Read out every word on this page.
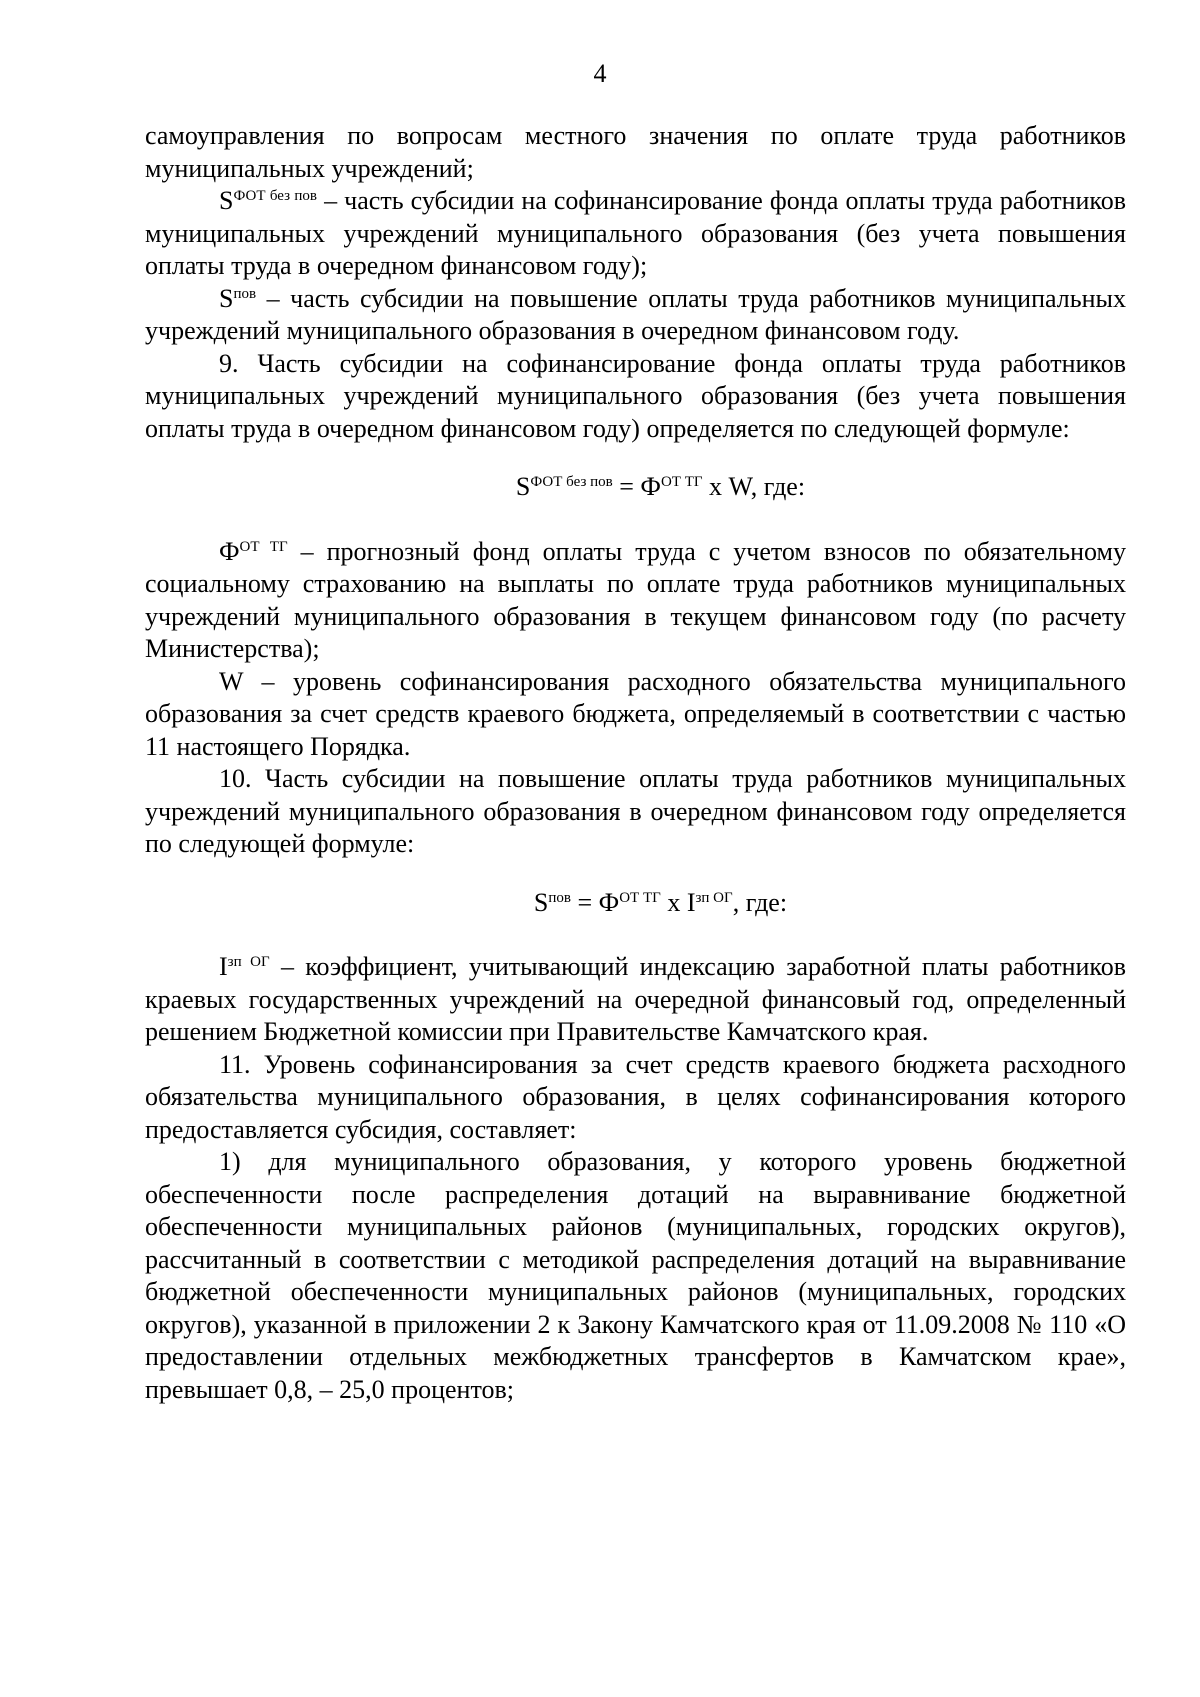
4

самоуправления по вопросам местного значения по оплате труда работников муниципальных учреждений;

$S^{ФОТ без пов}$ – часть субсидии на софинансирование фонда оплаты труда работников муниципальных учреждений муниципального образования (без учета повышения оплаты труда в очередном финансовом году);

$S^{пов}$ – часть субсидии на повышение оплаты труда работников муниципальных учреждений муниципального образования в очередном финансовом году.

9. Часть субсидии на софинансирование фонда оплаты труда работников муниципальных учреждений муниципального образования (без учета повышения оплаты труда в очередном финансовом году) определяется по следующей формуле:

$S^{ФОТ без пов} = Ф^{ОТ ТГ}$ х W, где:

$Ф^{ОТ ТГ}$ – прогнозный фонд оплаты труда с учетом взносов по обязательному социальному страхованию на выплаты по оплате труда работников муниципальных учреждений муниципального образования в текущем финансовом году (по расчету Министерства);

W – уровень софинансирования расходного обязательства муниципального образования за счет средств краевого бюджета, определяемый в соответствии с частью 11 настоящего Порядка.

10. Часть субсидии на повышение оплаты труда работников муниципальных учреждений муниципального образования в очередном финансовом году определяется по следующей формуле:

$S^{пов} = Ф^{ОТ ТГ}$ х $I^{зп ОГ}$, где:

$I^{зп ОГ}$ – коэффициент, учитывающий индексацию заработной платы работников краевых государственных учреждений на очередной финансовый год, определенный решением Бюджетной комиссии при Правительстве Камчатского края.

11. Уровень софинансирования за счет средств краевого бюджета расходного обязательства муниципального образования, в целях софинансирования которого предоставляется субсидия, составляет:

1) для муниципального образования, у которого уровень бюджетной обеспеченности после распределения дотаций на выравнивание бюджетной обеспеченности муниципальных районов (муниципальных, городских округов), рассчитанный в соответствии с методикой распределения дотаций на выравнивание бюджетной обеспеченности муниципальных районов (муниципальных, городских округов), указанной в приложении 2 к Закону Камчатского края от 11.09.2008 № 110 «О предоставлении отдельных межбюджетных трансфертов в Камчатском крае», превышает 0,8, – 25,0 процентов;
